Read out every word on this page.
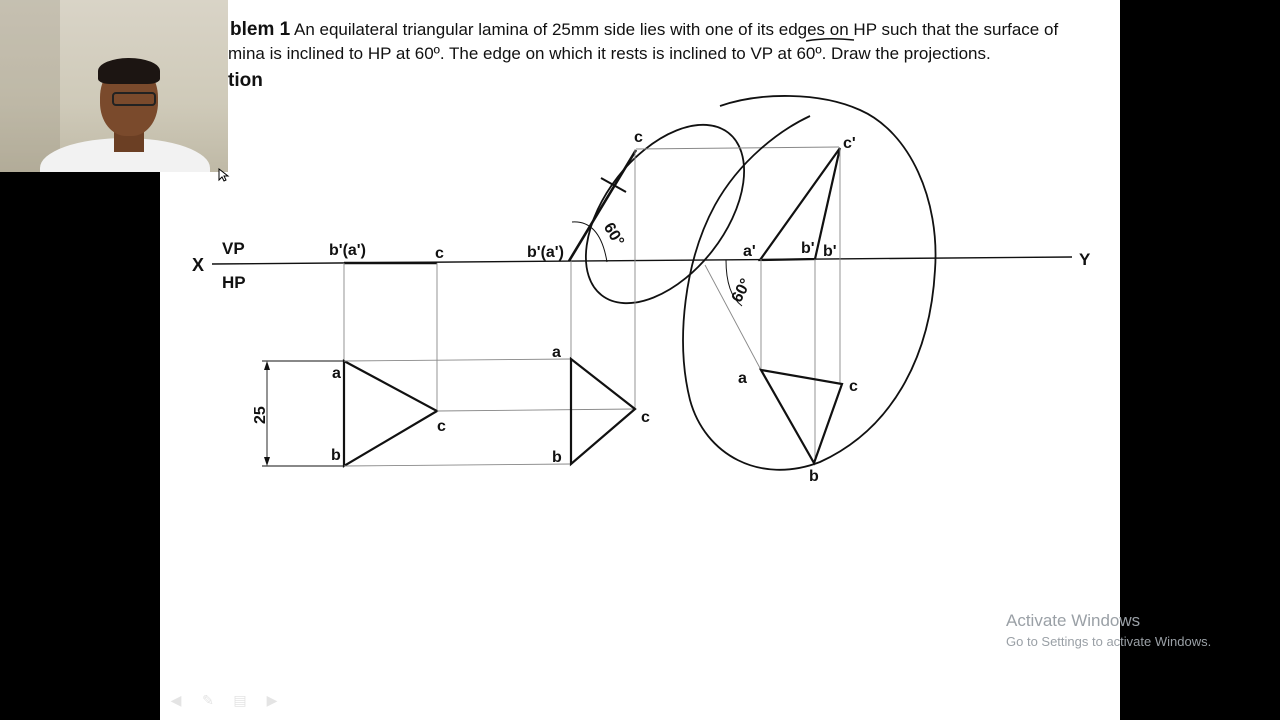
blem 1 An equilateral triangular lamina of 25mm side lies with one of its edges on HP such that the surface of
mina is inclined to HP at 60º. The edge on which it rests is inclined to VP at 60º. Draw the projections.
tion
X	Y
VP
HP
b'(a')	c
a
b
c
25
b'(a')
c
60°
a
b
c
a'	b' b'
c'
60°
a
b
c
Activate Windows
Go to Settings to activate Windows.
◀	✎ ▤	▶
